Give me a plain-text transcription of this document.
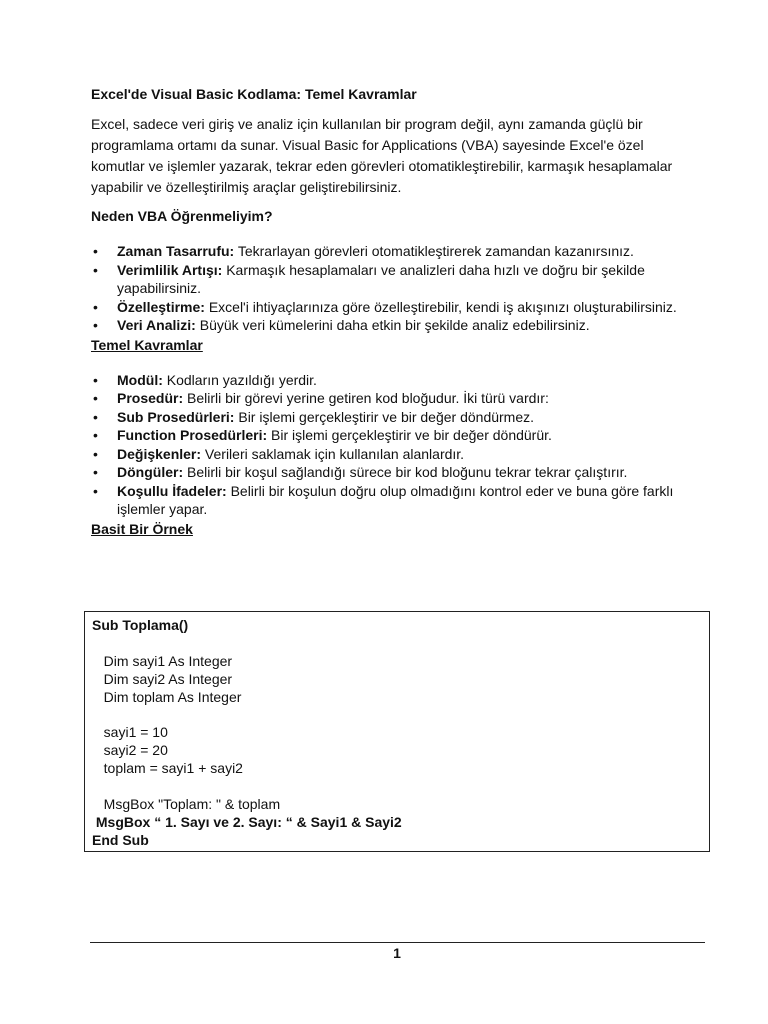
Excel'de Visual Basic Kodlama: Temel Kavramlar

Excel, sadece veri giriş ve analiz için kullanılan bir program değil, aynı zamanda güçlü bir programlama ortamı da sunar. Visual Basic for Applications (VBA) sayesinde Excel'e özel komutlar ve işlemler yazarak, tekrar eden görevleri otomatikleştirebilir, karmaşık hesaplamalar yapabilir ve özelleştirilmiş araçlar geliştirebilirsiniz.

Neden VBA Öğrenmeliyim?
• Zaman Tasarrufu: Tekrarlayan görevleri otomatikleştirerek zamandan kazanırsınız.
• Verimlilik Artışı: Karmaşık hesaplamaları ve analizleri daha hızlı ve doğru bir şekilde yapabilirsiniz.
• Özelleştirme: Excel'i ihtiyaçlarınıza göre özelleştirebilir, kendi iş akışınızı oluşturabilirsiniz.
• Veri Analizi: Büyük veri kümelerini daha etkin bir şekilde analiz edebilirsiniz.
Temel Kavramlar
• Modül: Kodların yazıldığı yerdir.
• Prosedür: Belirli bir görevi yerine getiren kod bloğudur. İki türü vardır:
• Sub Prosedürleri: Bir işlemi gerçekleştirir ve bir değer döndürmez.
• Function Prosedürleri: Bir işlemi gerçekleştirir ve bir değer döndürür.
• Değişkenler: Verileri saklamak için kullanılan alanlardır.
• Döngüler: Belirli bir koşul sağlandığı sürece bir kod bloğunu tekrar tekrar çalıştırır.
• Koşullu İfadeler: Belirli bir koşulun doğru olup olmadığını kontrol eder ve buna göre farklı işlemler yapar.
Basit Bir Örnek
Sub Toplama()
Dim sayi1 As Integer
Dim sayi2 As Integer
Dim toplam As Integer
sayi1 = 10
sayi2 = 20
toplam = sayi1 + sayi2
MsgBox "Toplam: " & toplam
MsgBox “ 1. Sayı ve 2. Sayı: “ & Sayi1 & Sayi2
End Sub
1
